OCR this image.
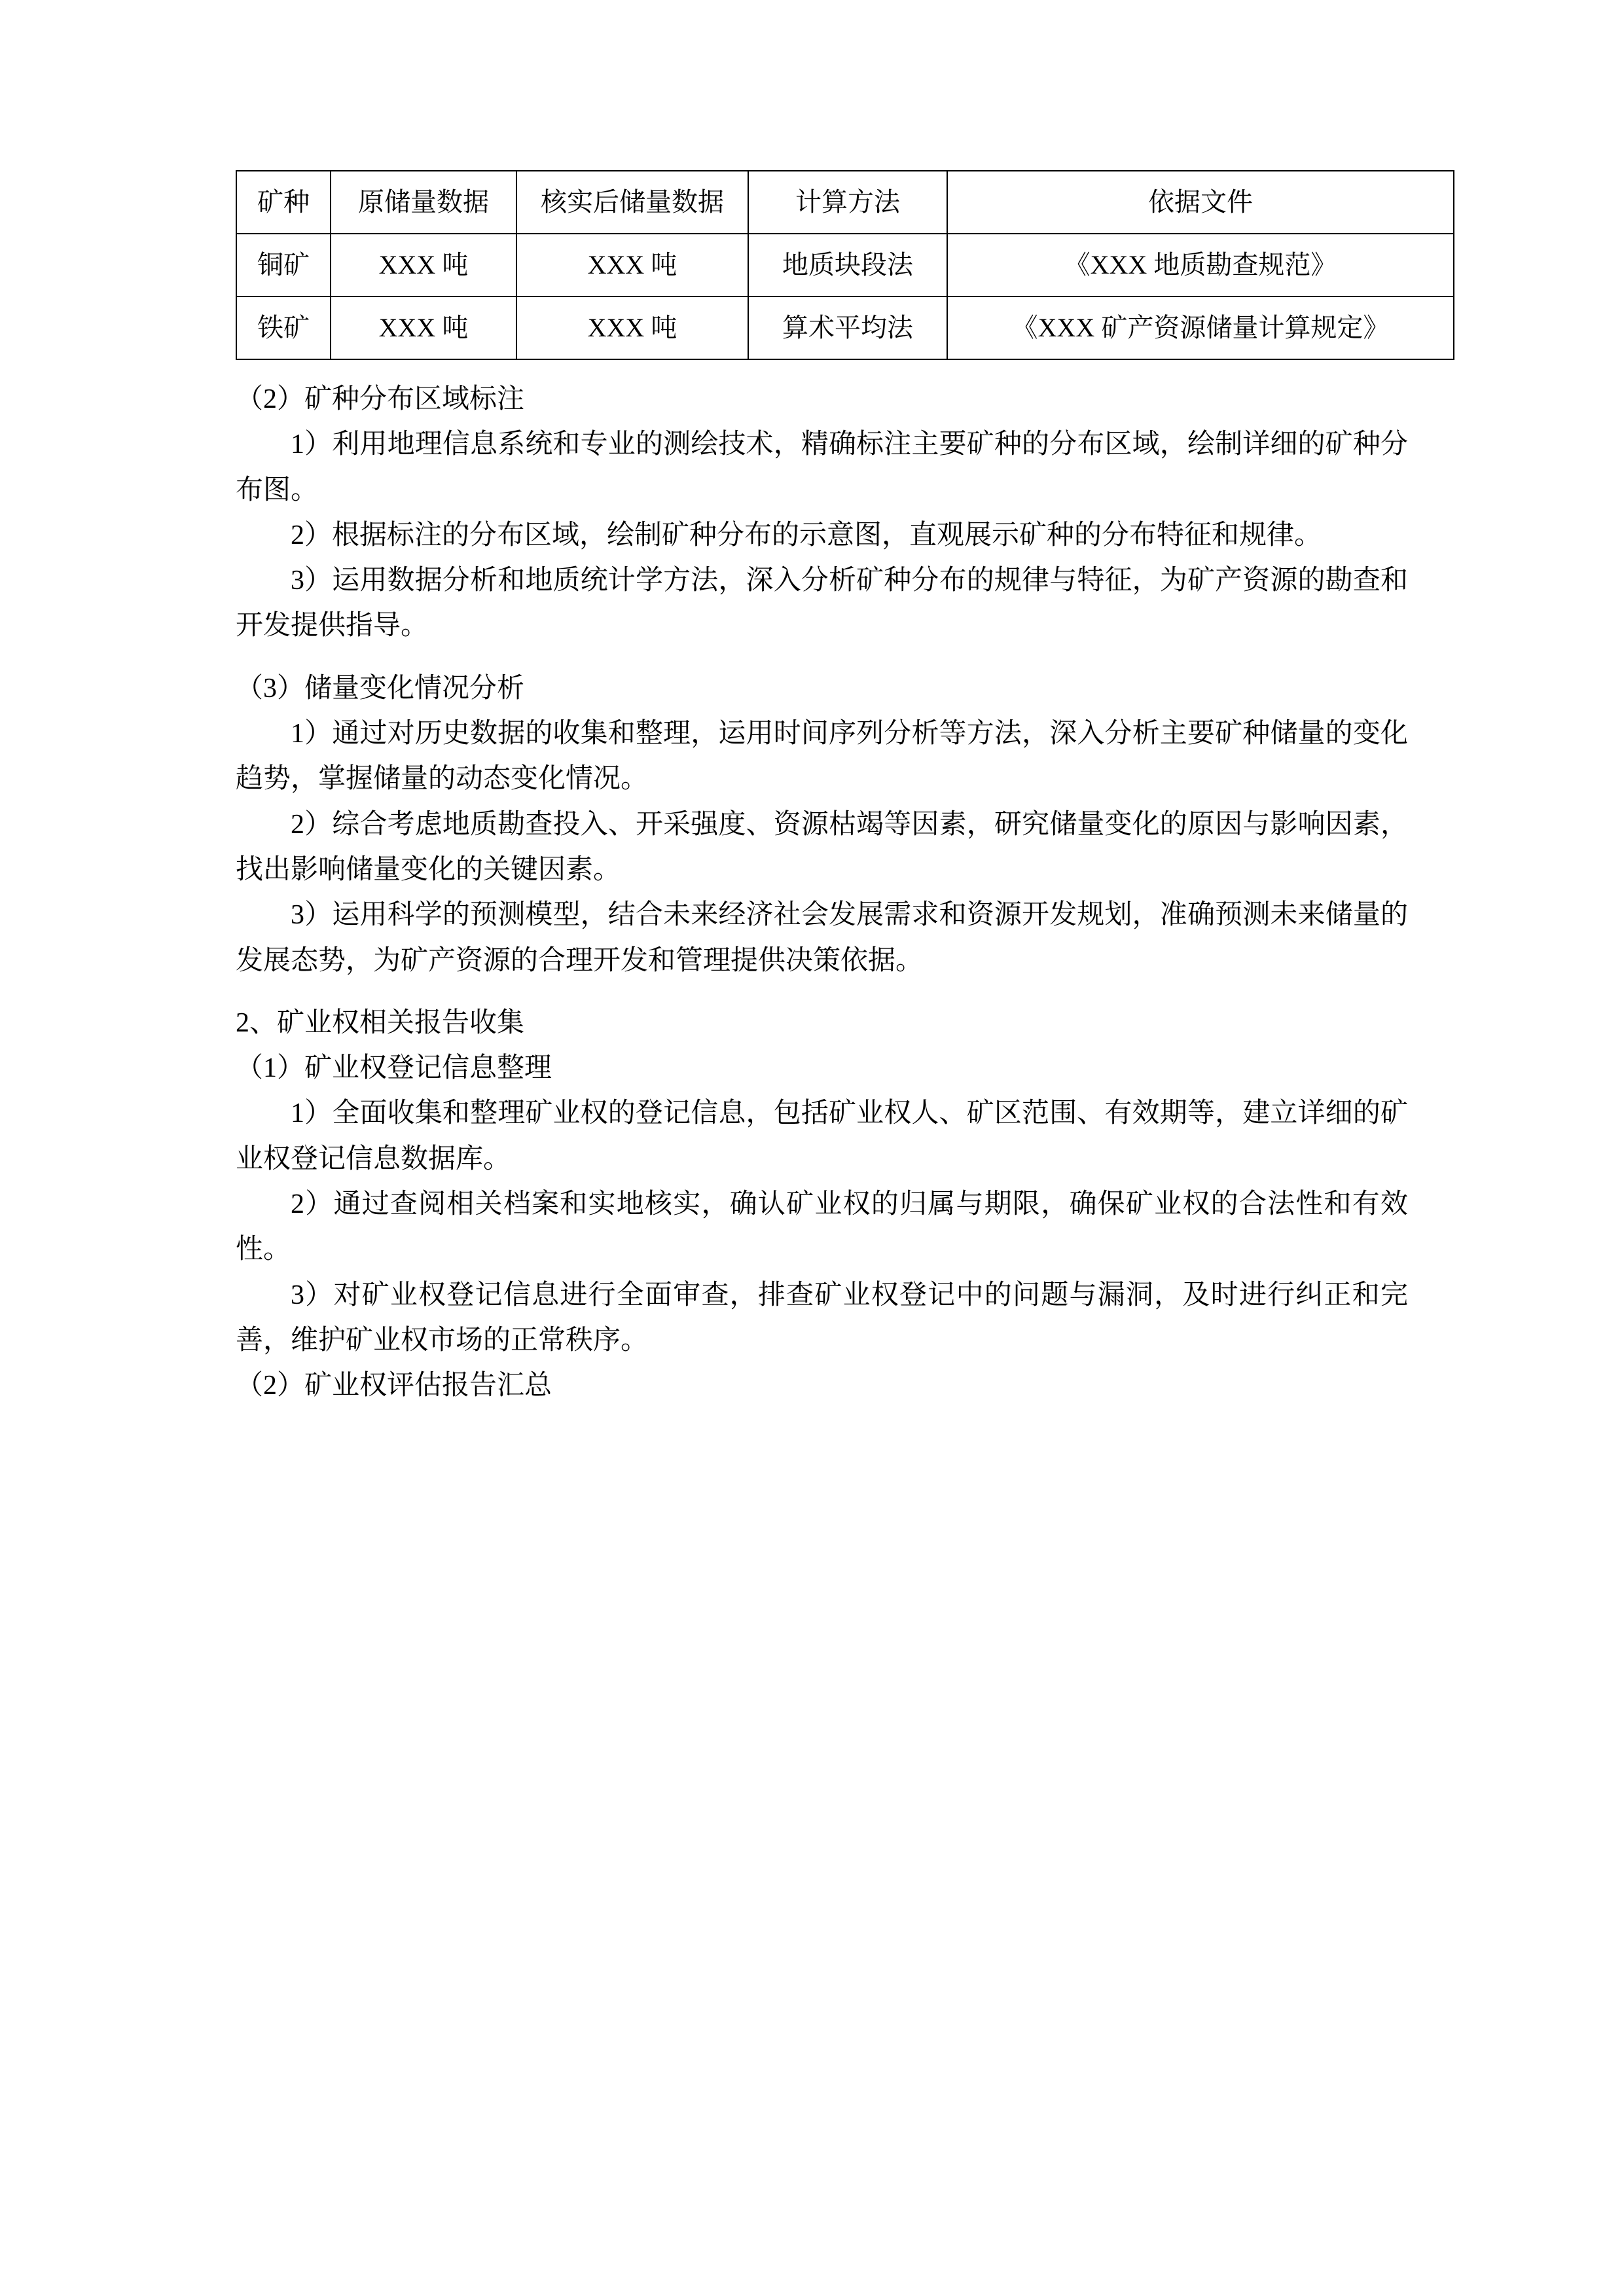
矿种	原储量数据	核实后储量数据	计算方法	依据文件
铜矿	XXX 吨	XXX 吨	地质块段法	《XXX 地质勘查规范》
铁矿	XXX 吨	XXX 吨	算术平均法	《XXX 矿产资源储量计算规定》

（2）矿种分布区域标注

1）利用地理信息系统和专业的测绘技术，精确标注主要矿种的分布区域，绘制详细的矿种分布图。

2）根据标注的分布区域，绘制矿种分布的示意图，直观展示矿种的分布特征和规律。

3）运用数据分析和地质统计学方法，深入分析矿种分布的规律与特征，为矿产资源的勘查和开发提供指导。

（3）储量变化情况分析

1）通过对历史数据的收集和整理，运用时间序列分析等方法，深入分析主要矿种储量的变化趋势，掌握储量的动态变化情况。

2）综合考虑地质勘查投入、开采强度、资源枯竭等因素，研究储量变化的原因与影响因素，找出影响储量变化的关键因素。

3）运用科学的预测模型，结合未来经济社会发展需求和资源开发规划，准确预测未来储量的发展态势，为矿产资源的合理开发和管理提供决策依据。

2、矿业权相关报告收集

（1）矿业权登记信息整理

1）全面收集和整理矿业权的登记信息，包括矿业权人、矿区范围、有效期等，建立详细的矿业权登记信息数据库。

2）通过查阅相关档案和实地核实，确认矿业权的归属与期限，确保矿业权的合法性和有效性。

3）对矿业权登记信息进行全面审查，排查矿业权登记中的问题与漏洞，及时进行纠正和完善，维护矿业权市场的正常秩序。

（2）矿业权评估报告汇总
